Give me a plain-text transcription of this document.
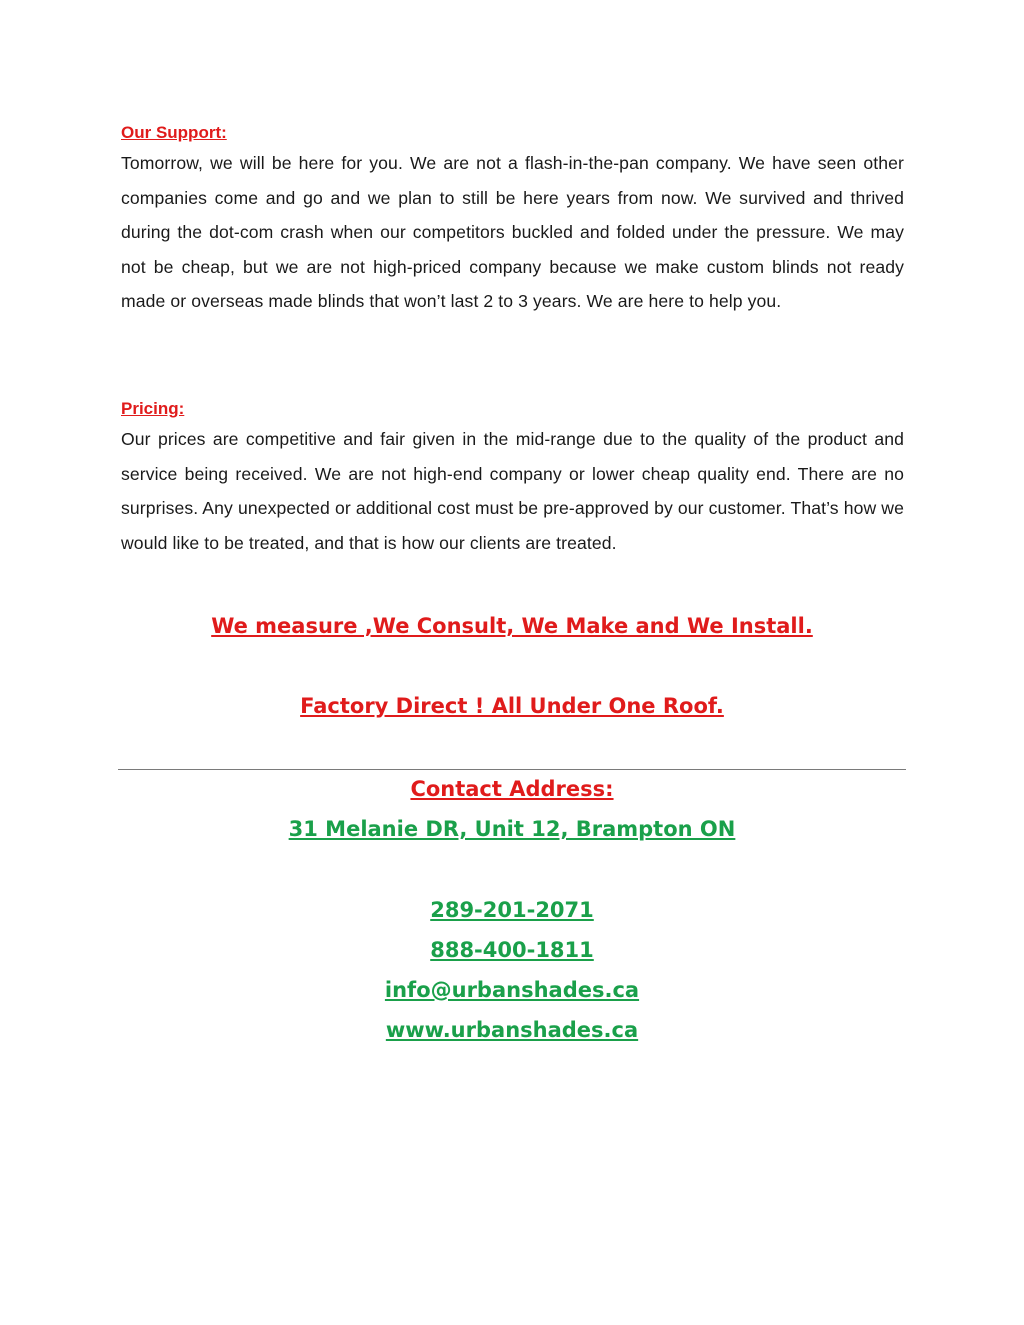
Our Support:

Tomorrow, we will be here for you. We are not a flash-in-the-pan company. We have seen other companies come and go and we plan to still be here years from now. We survived and thrived during the dot-com crash when our competitors buckled and folded under the pressure. We may not be cheap, but we are not high-priced company because we make custom blinds not ready made or overseas made blinds that won’t last 2 to 3 years. We are here to help you.

Pricing:

Our prices are competitive and fair given in the mid-range due to the quality of the product and service being received. We are not high-end company or lower cheap quality end. There are no surprises. Any unexpected or additional cost must be pre-approved by our customer. That’s how we would like to be treated, and that is how our clients are treated.

We measure ,We Consult, We Make and We Install.

Factory Direct ! All Under One Roof.

Contact Address:

31 Melanie DR, Unit 12, Brampton ON

289-201-2071

888-400-1811

info@urbanshades.ca

www.urbanshades.ca
